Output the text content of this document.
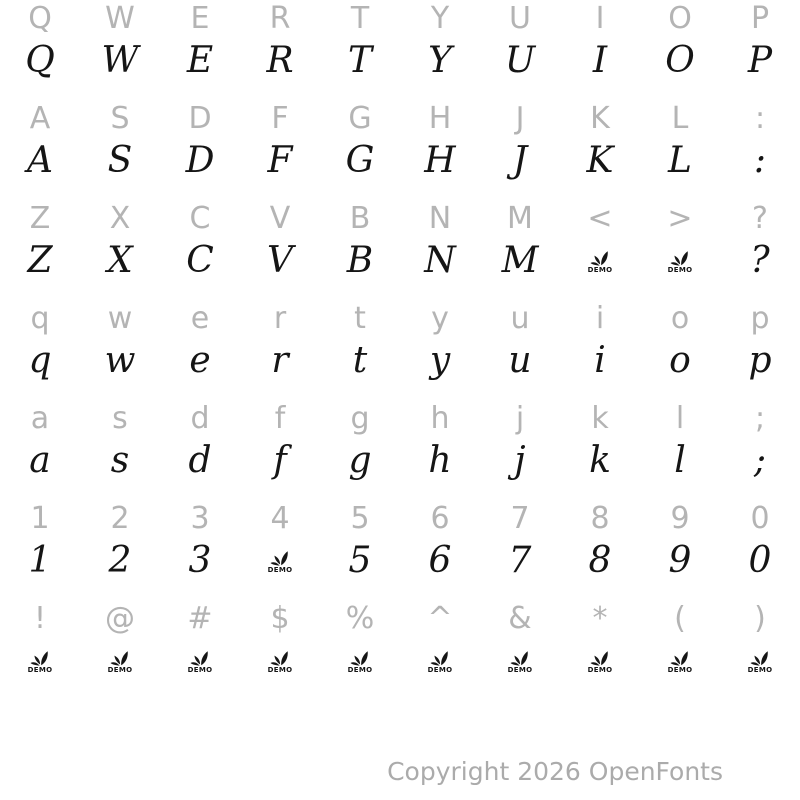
Q
Q
W
W
E
E
R
R
T
T
Y
Y
U
U
I
I
O
O
P
P
A
A
S
S
D
D
F
F
G
G
H
H
J
J
K
K
L
L
:
:
Z
Z
X
X
C
C
V
V
B
B
N
N
M
M
<
DEMO
>
DEMO
?
?
q
q
w
w
e
e
r
r
t
t
y
y
u
u
i
i
o
o
p
p
a
a
s
s
d
d
f
f
g
g
h
h
j
j
k
k
l
l
;
;
1
1
2
2
3
3
4
DEMO
5
5
6
6
7
7
8
8
9
9
0
0
!
DEMO
@
DEMO
#
DEMO
$
DEMO
%
DEMO
^
DEMO
&
DEMO
*
DEMO
(
DEMO
)
DEMO
Copyright 2026 OpenFonts
